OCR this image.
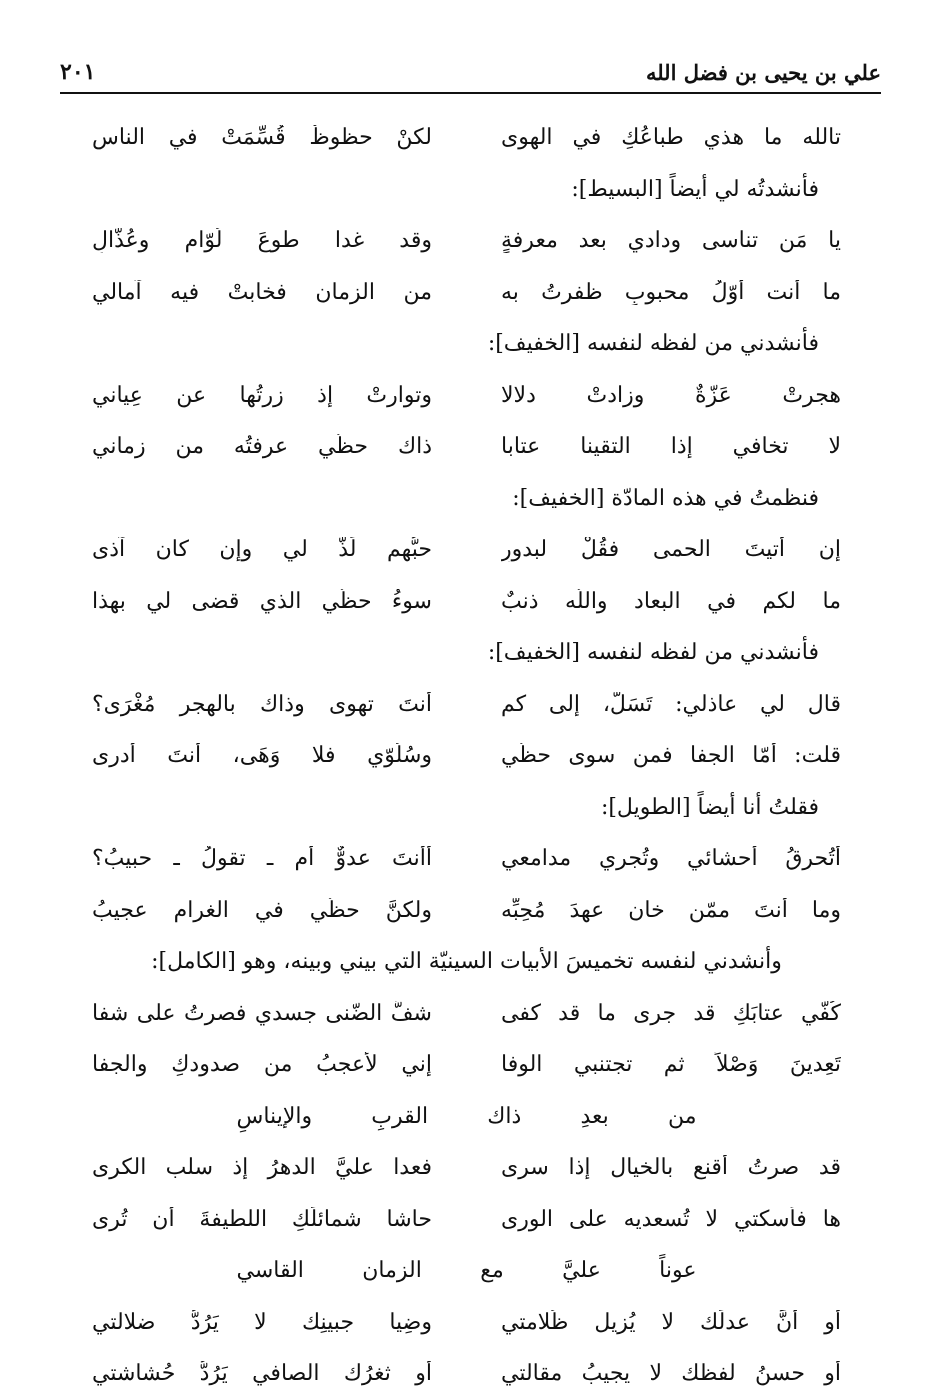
علي بن يحيى بن فضل الله
٢٠١
تالله ما هذي طباعُكِ في الهوى
لكنْ حظوظٌ قُسِّمَتْ في الناسِ
فأنشدتُه لي أيضاً [البسيط]:
يا مَن تناسى ودادي بعد معرفةٍ
وقد غدا طوعَ لُوّامٍ وعُذّالِ
ما أنت أوّلُ محبوبٍ ظفرتُ به
من الزمان فخابتْ فيه آمالي
فأنشدني من لفظه لنفسه [الخفيف]:
هجرتْ عَزّةٌ وزادتْ دلالا
وتوارتْ إذ زرتُها عن عِياني
لا تخافي إذا التقينا عتابا
ذاك حظّي عرفتُه من زماني
فنظمتُ في هذه المادّة [الخفيف]:
إن أتيتَ الحمى فقُلْ لبدورٍ
حبُّهم لَذَّ لي وإن كان آذى
ما لكم في البعاد واللّه ذنبٌ
سوءُ حظّي الذي قضى لي بهذا
فأنشدني من لفظه لنفسه [الخفيف]:
قال لي عاذلي: تَسَلَّ، إلى كم
أنتَ تهوى وذاك بالهجر مُغْرَى؟
قلت: أمّا الجفا فمن سوى حظّي
وسُلُوّي فلا وَهَى، أنتَ أدرى
فقلتُ أنا أيضاً [الطويل]:
أتُحرِقُ أحشائي وتُجري مدامعي
أأنتَ عدوٌّ أم ـ تقولُ ـ حبيبُ؟
وما أنتَ ممّن خان عهدَ مُحِبِّه
ولكنَّ حظّي في الغرام عجيبُ
وأنشدني لنفسه تخميسَ الأبيات السينيّة التي بيني وبينه، وهو [الكامل]:
كُفّي عتابَكِ قد جرى ما قد كفى
شفَّ الضّنى جسدي فصرتُ على شفا
تَعِدينَ وَصْلاً ثم تجتنبي الوفا
إني لأعجبُ من صدودكِ والجفا
من بعدِ ذاك القربِ والإيناسِ
قد صرتُ أقنع بالخيال إذا سرى
فعدا عليَّ الدهرُ إذ سلب الكرى
ها فأسكتي لا تُسعديه على الورى
حاشا شمائلَكِ اللطيفةَ أن تُرى
عوناً عليَّ مع الزمان القاسي
أو أنَّ عدلَك لا يُزيل ظُلامتي
وضِيا جبينِك لا يَرُدُّ ضلالتي
أو حسنُ لفظك لا يجيبُ مقالتي
أو ثغرُك الصافي يَرُدُّ حُشاشتي
